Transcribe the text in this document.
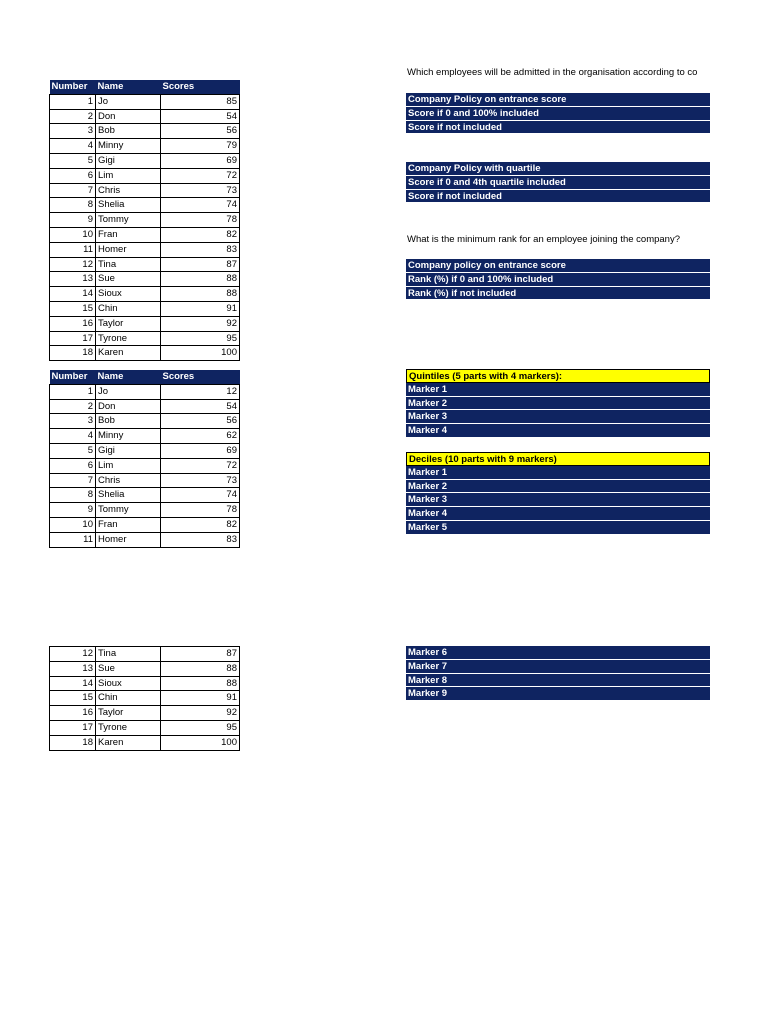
Number	Name	Scores
1	Jo	85
2	Don	54
3	Bob	56
4	Minny	79
5	Gigi	69
6	Lim	72
7	Chris	73
8	Shelia	74
9	Tommy	78
10	Fran	82
11	Homer	83
12	Tina	87
13	Sue	88
14	Sioux	88
15	Chin	91
16	Taylor	92
17	Tyrone	95
18	Karen	100
Number	Name	Scores
1	Jo	12
2	Don	54
3	Bob	56
4	Minny	62
5	Gigi	69
6	Lim	72
7	Chris	73
8	Shelia	74
9	Tommy	78
10	Fran	82
11	Homer	83
12	Tina	87
13	Sue	88
14	Sioux	88
15	Chin	91
16	Taylor	92
17	Tyrone	95
18	Karen	100
Which employees will be admitted in the organisation according to co
Company Policy on entrance score
Score if 0 and 100% included
Score if not included
Company Policy with quartile
Score if 0 and 4th quartile included
Score if not included
What is the minimum rank for an employee joining the company?
Company policy on entrance score
Rank (%) if 0 and 100% included
Rank (%) if not included
Quintiles (5 parts with 4 markers):
Marker 1
Marker 2
Marker 3
Marker 4
Deciles (10 parts with 9 markers)
Marker 1
Marker 2
Marker 3
Marker 4
Marker 5
Marker 6
Marker 7
Marker 8
Marker 9
